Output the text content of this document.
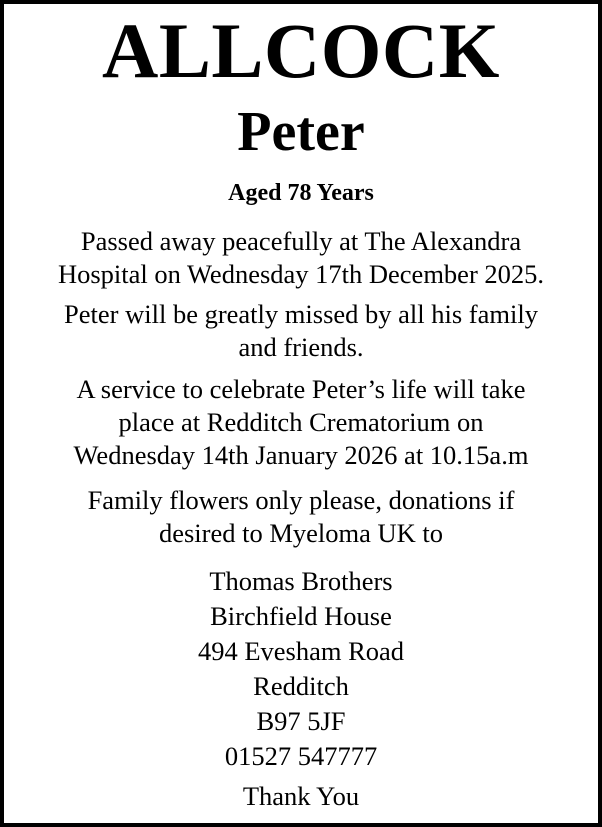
ALLCOCK
Peter
Aged 78 Years

Passed away peacefully at The Alexandra
Hospital on Wednesday 17th December 2025.

Peter will be greatly missed by all his family
and friends.

A service to celebrate Peter’s life will take
place at Redditch Crematorium on
Wednesday 14th January 2026 at 10.15a.m

Family flowers only please, donations if
desired to Myeloma UK to

Thomas Brothers
Birchfield House
494 Evesham Road
Redditch
B97 5JF
01527 547777
Thank You
